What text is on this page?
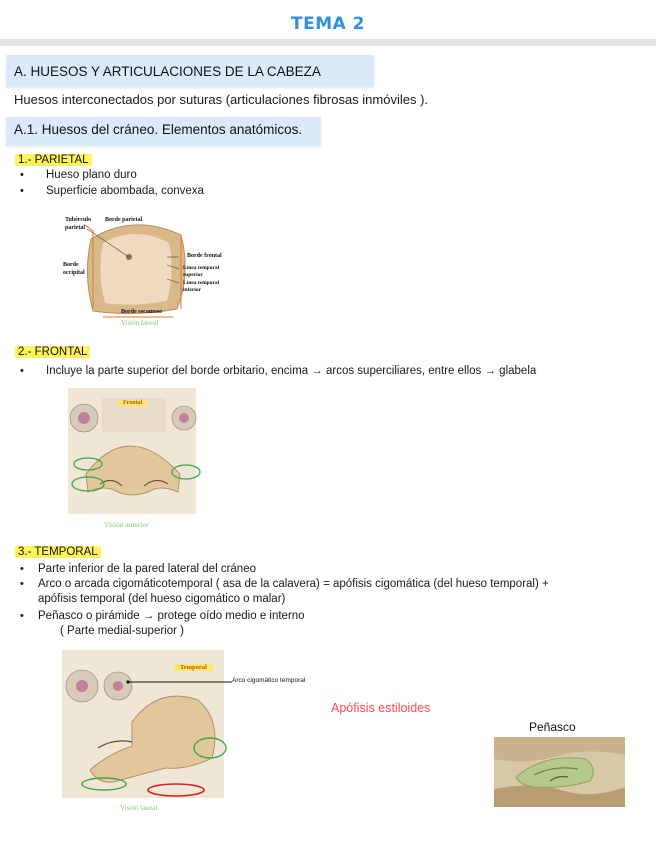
TEMA 2
A. HUESOS Y ARTICULACIONES DE LA CABEZA
Huesos interconectados por suturas (articulaciones fibrosas inmóviles ).
A.1. Huesos del cráneo. Elementos anatómicos.
1.- PARIETAL
• Hueso plano duro
• Superficie abombada, convexa
Tubérculo parietal
Borde parietal
Borde occipital
Borde frontal
Línea temporal superior
Línea temporal inferior
Borde escamoso
Visión lateral
2.- FRONTAL
• Incluye la parte superior del borde orbitario, encima → arcos superciliares, entre ellos → glabela
Frontal
Visión anterior
3.- TEMPORAL
• Parte inferior de la pared lateral del cráneo
• Arco o arcada cigomáticotemporal ( asa de la calavera) = apófisis cigomática (del hueso temporal) +
apófisis temporal (del hueso cigomático o malar)
• Peñasco o pirámide → protege oído medio e interno
( Parte medial-superior )
Temporal
Arco cigomático temporal
Visión lateral
Apófisis estiloides
Peñasco
